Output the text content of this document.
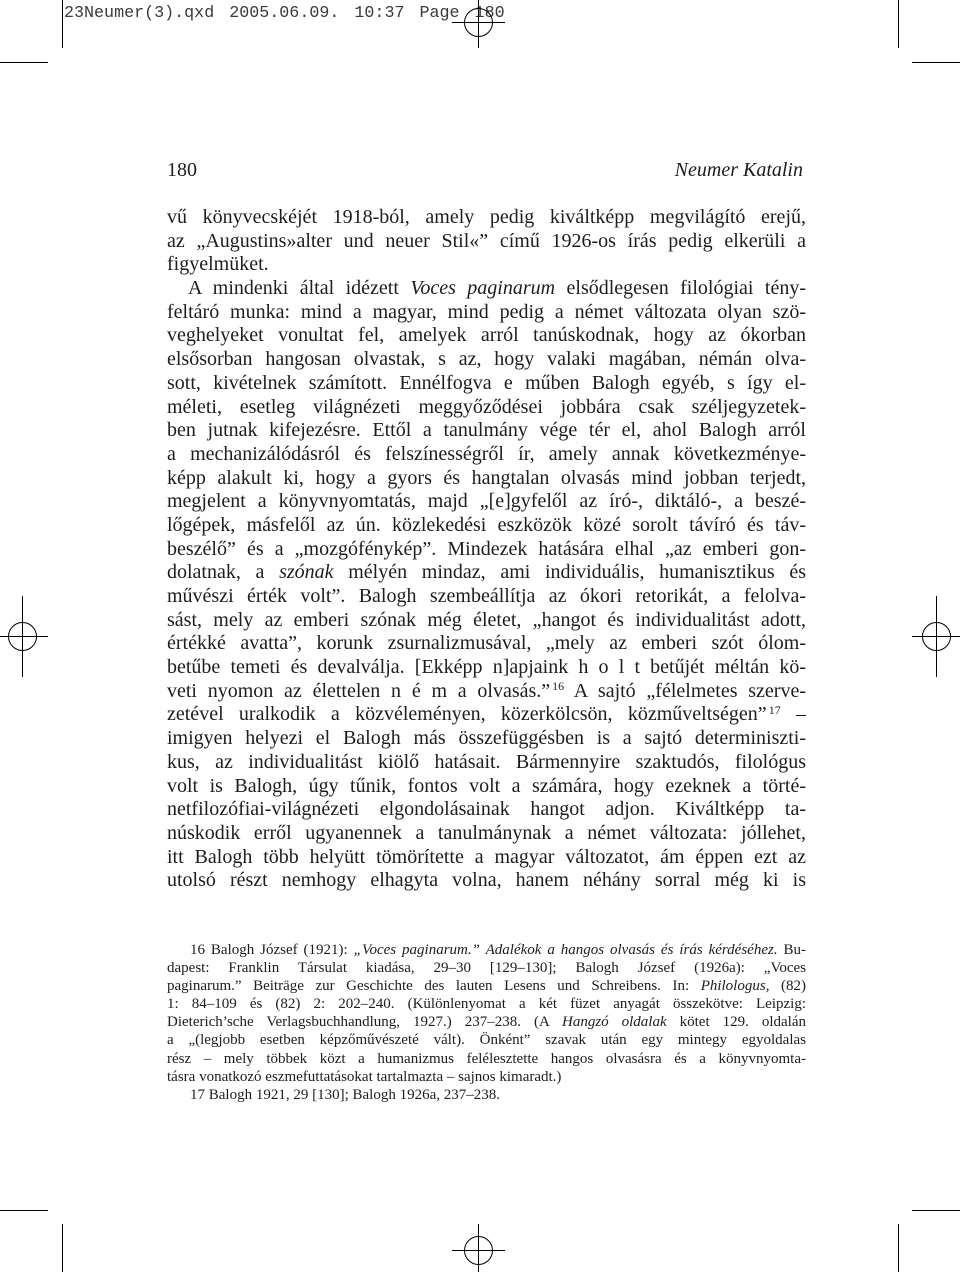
23Neumer(3).qxd 2005.06.09. 10:37 Page 180
180	Neumer Katalin
vű könyvecskéjét 1918-ból, amely pedig kiváltképp megvilágító erejű,
az „Augustins»alter und neuer Stil«” című 1926-os írás pedig elkerüli a
figyelmüket.
A mindenki által idézett Voces paginarum elsődlegesen filológiai tény-
feltáró munka: mind a magyar, mind pedig a német változata olyan szö-
veghelyeket vonultat fel, amelyek arról tanúskodnak, hogy az ókorban
elsősorban hangosan olvastak, s az, hogy valaki magában, némán olva-
sott, kivételnek számított. Ennélfogva e műben Balogh egyéb, s így el-
méleti, esetleg világnézeti meggyőződései jobbára csak széljegyzetek-
ben jutnak kifejezésre. Ettől a tanulmány vége tér el, ahol Balogh arról
a mechanizálódásról és felszínességről ír, amely annak következménye-
képp alakult ki, hogy a gyors és hangtalan olvasás mind jobban terjedt,
megjelent a könyvnyomtatás, majd „[e]gyfelől az író-, diktáló-, a beszé-
lőgépek, másfelől az ún. közlekedési eszközök közé sorolt távíró és táv-
beszélő” és a „mozgófénykép”. Mindezek hatására elhal „az emberi gon-
dolatnak, a szónak mélyén mindaz, ami individuális, humanisztikus és
művészi érték volt”. Balogh szembeállítja az ókori retorikát, a felolva-
sást, mely az emberi szónak még életet, „hangot és individualitást adott,
értékké avatta”, korunk zsurnalizmusával, „mely az emberi szót ólom-
betűbe temeti és devalválja. [Ekképp n]apjaink h o l t betűjét méltán kö-
veti nyomon az élettelen n é m a olvasás.” $^{16}$ A sajtó „félelmetes szerve-
zetével uralkodik a közvéleményen, közerkölcsön, közműveltségen” $^{17}$ –
imigyen helyezi el Balogh más összefüggésben is a sajtó determiniszti-
kus, az individualitást kiölő hatásait. Bármennyire szaktudós, filológus
volt is Balogh, úgy tűnik, fontos volt a számára, hogy ezeknek a törté-
netfilozófiai-világnézeti elgondolásainak hangot adjon. Kiváltképp ta-
núskodik erről ugyanennek a tanulmánynak a német változata: jóllehet,
itt Balogh több helyütt tömörítette a magyar változatot, ám éppen ezt az
utolsó részt nemhogy elhagyta volna, hanem néhány sorral még ki is
16 Balogh József (1921): „Voces paginarum.” Adalékok a hangos olvasás és írás kérdéséhez. Bu-
dapest: Franklin Társulat kiadása, 29–30 [129–130]; Balogh József (1926a): „Voces
paginarum.” Beiträge zur Geschichte des lauten Lesens und Schreibens. In: Philologus, (82)
1: 84–109 és (82) 2: 202–240. (Különlenyomat a két füzet anyagát összekötve: Leipzig:
Dieterich’sche Verlagsbuchhandlung, 1927.) 237–238. (A Hangzó oldalak kötet 129. oldalán
a „(legjobb esetben képzőművészeté vált). Önként” szavak után egy mintegy egyoldalas
rész – mely többek közt a humanizmus felélesztette hangos olvasásra és a könyvnyomta-
tásra vonatkozó eszmefuttatásokat tartalmazta – sajnos kimaradt.)
17 Balogh 1921, 29 [130]; Balogh 1926a, 237–238.
